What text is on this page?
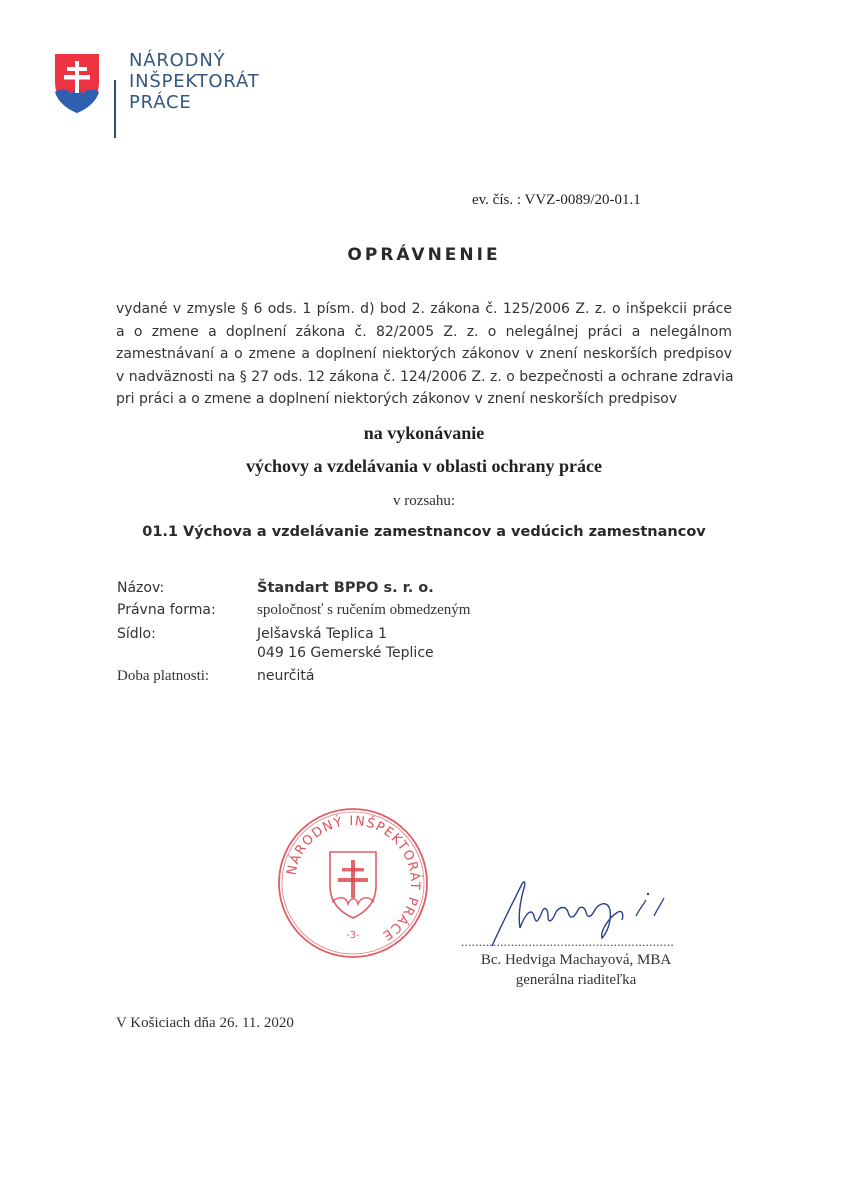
NÁRODNÝ
INŠPEKTORÁT
PRÁCE
ev. čís. : VVZ-0089/20-01.1
OPRÁVNENIE
vydané v zmysle § 6 ods. 1 písm. d) bod 2. zákona č. 125/2006 Z. z. o inšpekcii práce
a o zmene a doplnení zákona č. 82/2005 Z. z. o nelegálnej práci a nelegálnom
zamestnávaní a o zmene a doplnení niektorých zákonov v znení neskorších predpisov
v nadväznosti na § 27 ods. 12 zákona č. 124/2006 Z. z. o bezpečnosti a ochrane zdravia
pri práci a o zmene a doplnení niektorých zákonov v znení neskorších predpisov
na vykonávanie
výchovy a vzdelávania v oblasti ochrany práce
v rozsahu:
01.1 Výchova a vzdelávanie zamestnancov a vedúcich zamestnancov
Názov:	Štandart BPPO s. r. o.
Právna forma:	spoločnosť s ručením obmedzeným
Sídlo:	Jelšavská Teplica 1
049 16 Gemerské Teplice
Doba platnosti:	neurčitá
NÁRODNÝ INŠPEKTORÁT PRÁCE
-3-	............................................................
Bc. Hedviga Machayová, MBA
generálna riaditeľka
V Košiciach dňa 26. 11. 2020
